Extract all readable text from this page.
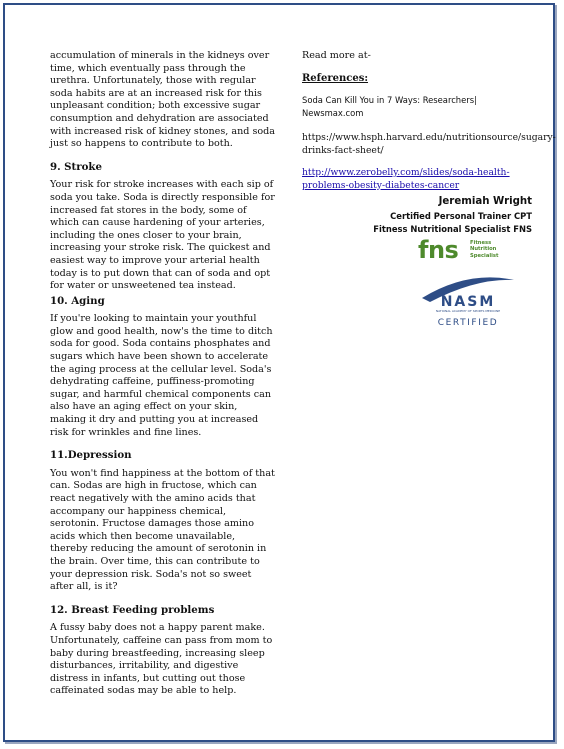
accumulation of minerals in the kidneys over time, which eventually pass through the urethra. Unfortunately, those with regular soda habits are at an increased risk for this unpleasant condition; both excessive sugar consumption and dehydration are associated with increased risk of kidney stones, and soda just so happens to contribute to both.

9. Stroke

Your risk for stroke increases with each sip of soda you take. Soda is directly responsible for increased fat stores in the body, some of which can cause hardening of your arteries, including the ones closer to your brain, increasing your stroke risk. The quickest and easiest way to improve your arterial health today is to put down that can of soda and opt for water or unsweetened tea instead.

10. Aging

If you're looking to maintain your youthful glow and good health, now's the time to ditch soda for good. Soda contains phosphates and sugars which have been shown to accelerate the aging process at the cellular level. Soda's dehydrating caffeine, puffiness-promoting sugar, and harmful chemical components can also have an aging effect on your skin, making it dry and putting you at increased risk for wrinkles and fine lines.

11.Depression

You won't find happiness at the bottom of that can. Sodas are high in fructose, which can react negatively with the amino acids that accompany our happiness chemical, serotonin. Fructose damages those amino acids which then become unavailable, thereby reducing the amount of serotonin in the brain. Over time, this can contribute to your depression risk. Soda's not so sweet after all, is it?

12. Breast Feeding problems

A fussy baby does not a happy parent make. Unfortunately, caffeine can pass from mom to baby during breastfeeding, increasing sleep disturbances, irritability, and digestive distress in infants, but cutting out those caffeinated sodas may be able to help.

Read more at-

References:

Soda Can Kill You in 7 Ways: Researchers| Newsmax.com

https://www.hsph.harvard.edu/nutritionsource/sugary-drinks-fact-sheet/

http://www.zerobelly.com/slides/soda-health-problems-obesity-diabetes-cancer

Jeremiah Wright

Certified Personal Trainer CPT

Fitness Nutritional Specialist FNS

fns Fitness
Nutrition
Specialist
NASM
NATIONAL ACADEMY OF SPORTS MEDICINE
CERTIFIED
